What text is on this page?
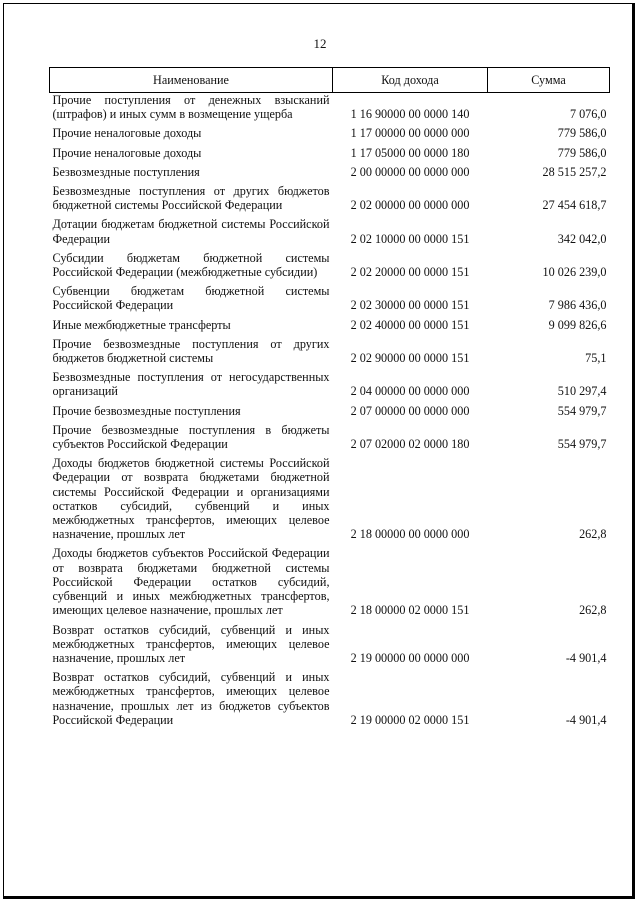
12
Наименование	Код дохода	Сумма
Прочие поступления от денежных взысканий (штрафов) и иных сумм в возмещение ущерба	1 16 90000 00 0000 140	7 076,0
Прочие неналоговые доходы	1 17 00000 00 0000 000	779 586,0
Прочие неналоговые доходы	1 17 05000 00 0000 180	779 586,0
Безвозмездные поступления	2 00 00000 00 0000 000	28 515 257,2
Безвозмездные поступления от других бюджетов бюджетной системы Российской Федерации	2 02 00000 00 0000 000	27 454 618,7
Дотации бюджетам бюджетной системы Российской Федерации	2 02 10000 00 0000 151	342 042,0
Субсидии бюджетам бюджетной системы Российской Федерации (межбюджетные субсидии)	2 02 20000 00 0000 151	10 026 239,0
Субвенции бюджетам бюджетной системы Российской Федерации	2 02 30000 00 0000 151	7 986 436,0
Иные межбюджетные трансферты	2 02 40000 00 0000 151	9 099 826,6
Прочие безвозмездные поступления от других бюджетов бюджетной системы	2 02 90000 00 0000 151	75,1
Безвозмездные поступления от негосударственных организаций	2 04 00000 00 0000 000	510 297,4
Прочие безвозмездные поступления	2 07 00000 00 0000 000	554 979,7
Прочие безвозмездные поступления в бюджеты субъектов Российской Федерации	2 07 02000 02 0000 180	554 979,7
Доходы бюджетов бюджетной системы Российской Федерации от возврата бюджетами бюджетной системы Российской Федерации и организациями остатков субсидий, субвенций и иных межбюджетных трансфертов, имеющих целевое назначение, прошлых лет	2 18 00000 00 0000 000	262,8
Доходы бюджетов субъектов Российской Федерации от возврата бюджетами бюджетной системы Российской Федерации остатков субсидий, субвенций и иных межбюджетных трансфертов, имеющих целевое назначение, прошлых лет	2 18 00000 02 0000 151	262,8
Возврат остатков субсидий, субвенций и иных межбюджетных трансфертов, имеющих целевое назначение, прошлых лет	2 19 00000 00 0000 000	-4 901,4
Возврат остатков субсидий, субвенций и иных межбюджетных трансфертов, имеющих целевое назначение, прошлых лет из бюджетов субъектов Российской Федерации	2 19 00000 02 0000 151	-4 901,4
